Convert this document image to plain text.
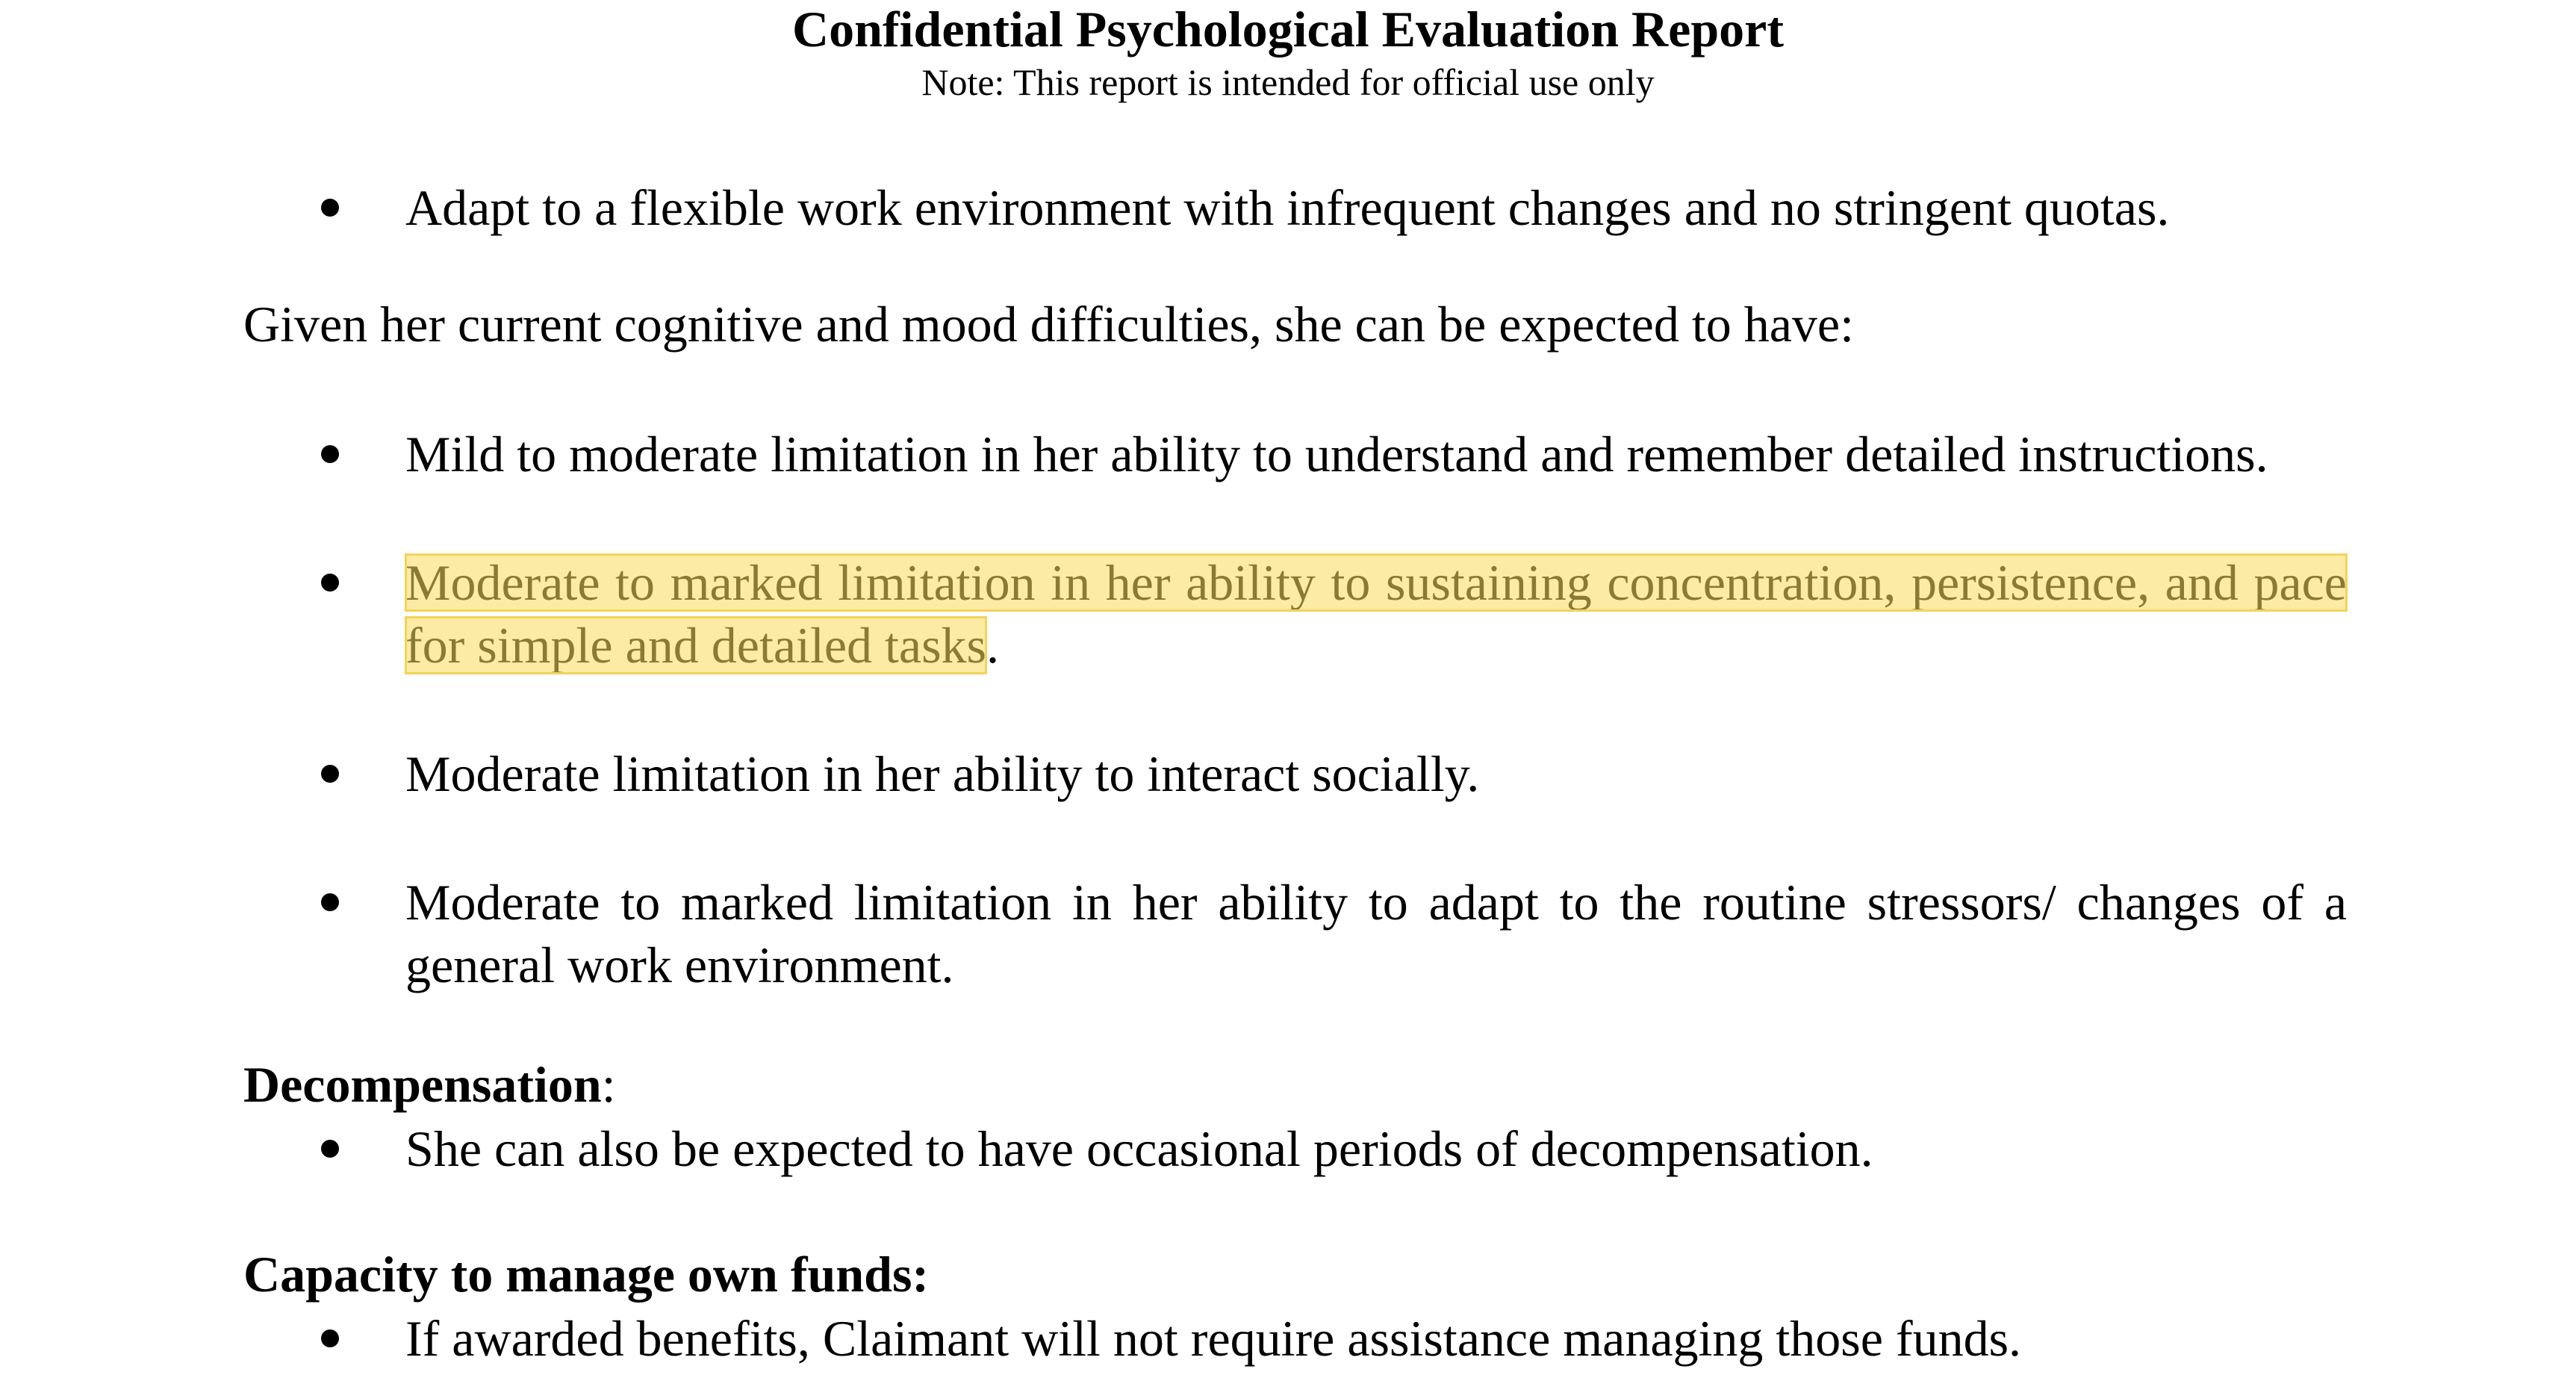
Confidential Psychological Evaluation Report
Note: This report is intended for official use only
Adapt to a flexible work environment with infrequent changes and no stringent quotas.
Given her current cognitive and mood difficulties, she can be expected to have:
Mild to moderate limitation in her ability to understand and remember detailed instructions.
Moderate to marked limitation in her ability to sustaining concentration, persistence, and pace for simple and detailed tasks.
Moderate limitation in her ability to interact socially.
Moderate to marked limitation in her ability to adapt to the routine stressors/ changes of a general work environment.
Decompensation:
She can also be expected to have occasional periods of decompensation.
Capacity to manage own funds:
If awarded benefits, Claimant will not require assistance managing those funds.
